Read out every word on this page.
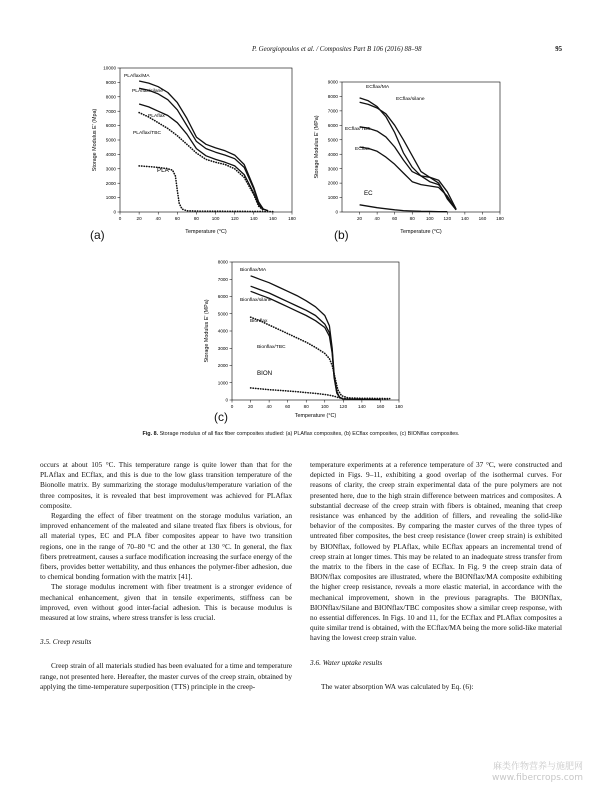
P. Georgiopoulos et al. / Composites Part B 106 (2016) 88–98	95
0	20	40	60	80	100 120 140 160 180
0
1000
2000
3000
4000
5000
6000
7000
8000
9000
10000
Temperature (°C)
Storage Modulus E' (Mpa)
PLAflax/MA
PLAflax/silane
PLAflax
PLAflax/TBC
PLA
(a)
20	40	60	80 100 120 140 160 180
0
1000
2000
3000
4000
5000
6000
7000
8000
9000
Temperature (°C)
Storage Modulus E' (MPa)
ECflax/MA
ECflax/silane
ECflax/TBC
ECflax
EC
(b)
0	20	40	60	80	100 120 140 160 180
0
1000
2000
3000
4000
5000
6000
7000
8000
Temperature (°C)
Storage Modulus E' (MPa)
Bionflax/MA
Bionflax/silane
Bionflax
Bionflax/TBC
BION
(c)
Fig. 8. Storage modulus of all flax fiber composites studied: (a) PLAflax composites, (b) ECflax composites, (c) BIONflax composites.

occurs at about 105 °C. This temperature range is quite lower than that for the PLAflax and ECflax, and this is due to the low glass transition temperature of the Bionolle matrix. By summarizing the storage modulus/temperature variation of the three composites, it is revealed that best improvement was achieved for PLAflax composite.

Regarding the effect of fiber treatment on the storage modulus variation, an improved enhancement of the maleated and silane treated flax fibers is obvious, for all material types, EC and PLA fiber composites appear to have two transition regions, one in the range of 70–80 °C and the other at 130 °C. In general, the flax fibers pretreatment, causes a surface modification increasing the surface energy of the fibers, provides better wettability, and thus enhances the polymer-fiber adhesion, due to chemical bonding formation with the matrix [41].

The storage modulus increment with fiber treatment is a stronger evidence of mechanical enhancement, given that in tensile experiments, stiffness can be improved, even without good inter-facial adhesion. This is because modulus is measured at low strains, where stress transfer is less crucial.

3.5. Creep results

Creep strain of all materials studied has been evaluated for a time and temperature range, not presented here. Hereafter, the master curves of the creep strain, obtained by applying the time-temperature superposition (TTS) principle in the creep-

temperature experiments at a reference temperature of 37 °C, were constructed and depicted in Figs. 9–11, exhibiting a good overlap of the isothermal curves. For reasons of clarity, the creep strain experimental data of the pure polymers are not presented here, due to the high strain difference between matrices and composites. A substantial decrease of the creep strain with fibers is obtained, meaning that creep resistance was enhanced by the addition of fillers, and revealing the solid-like behavior of the composites. By comparing the master curves of the three types of untreated fiber composites, the best creep resistance (lower creep strain) is exhibited by BIONflax, followed by PLAflax, while ECflax appears an incremental trend of creep strain at longer times. This may be related to an inadequate stress transfer from the matrix to the fibers in the case of ECflax. In Fig. 9 the creep strain data of BION/flax composites are illustrated, where the BIONflax/MA composite exhibiting the higher creep resistance, reveals a more elastic material, in accordance with the mechanical improvement, shown in the previous paragraphs. The BIONflax, BIONflax/Silane and BIONflax/TBC composites show a similar creep response, with no essential differences. In Figs. 10 and 11, for the ECflax and PLAflax composites a quite similar trend is obtained, with the ECflax/MA being the more solid-like material having the lowest creep strain value.

3.6. Water uptake results

The water absorption WA was calculated by Eq. (6):

麻类作物营养与施肥网
www.fibercrops.com
